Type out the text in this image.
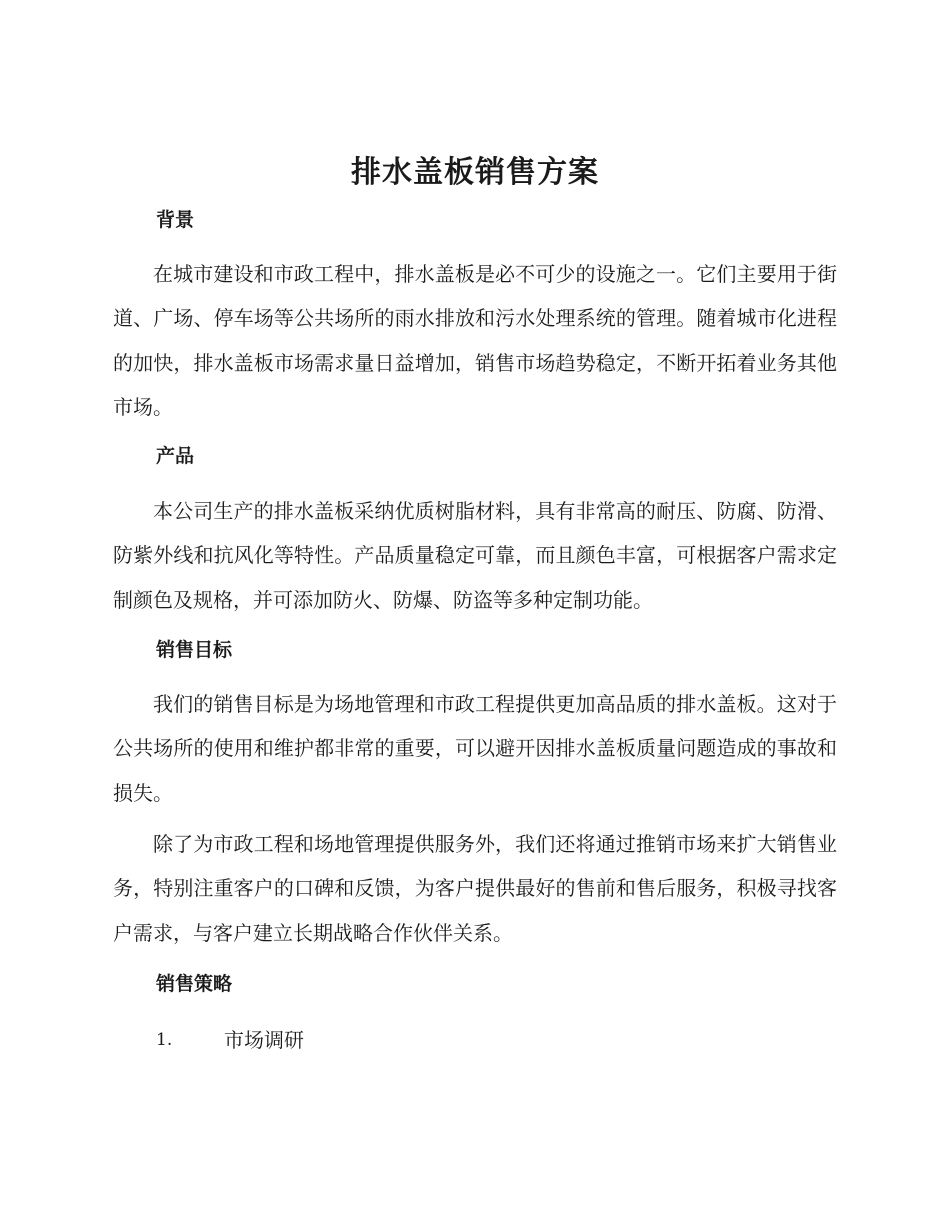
排水盖板销售方案
背景

在城市建设和市政工程中，排水盖板是必不可少的设施之一。它们主要用于街道、广场、停车场等公共场所的雨水排放和污水处理系统的管理。随着城市化进程的加快，排水盖板市场需求量日益增加，销售市场趋势稳定，不断开拓着业务其他市场。

产品

本公司生产的排水盖板采纳优质树脂材料，具有非常高的耐压、防腐、防滑、防紫外线和抗风化等特性。产品质量稳定可靠，而且颜色丰富，可根据客户需求定制颜色及规格，并可添加防火、防爆、防盗等多种定制功能。

销售目标

我们的销售目标是为场地管理和市政工程提供更加高品质的排水盖板。这对于公共场所的使用和维护都非常的重要，可以避开因排水盖板质量问题造成的事故和损失。

除了为市政工程和场地管理提供服务外，我们还将通过推销市场来扩大销售业务，特别注重客户的口碑和反馈，为客户提供最好的售前和售后服务，积极寻找客户需求，与客户建立长期战略合作伙伴关系。

销售策略
1.	市场调研
